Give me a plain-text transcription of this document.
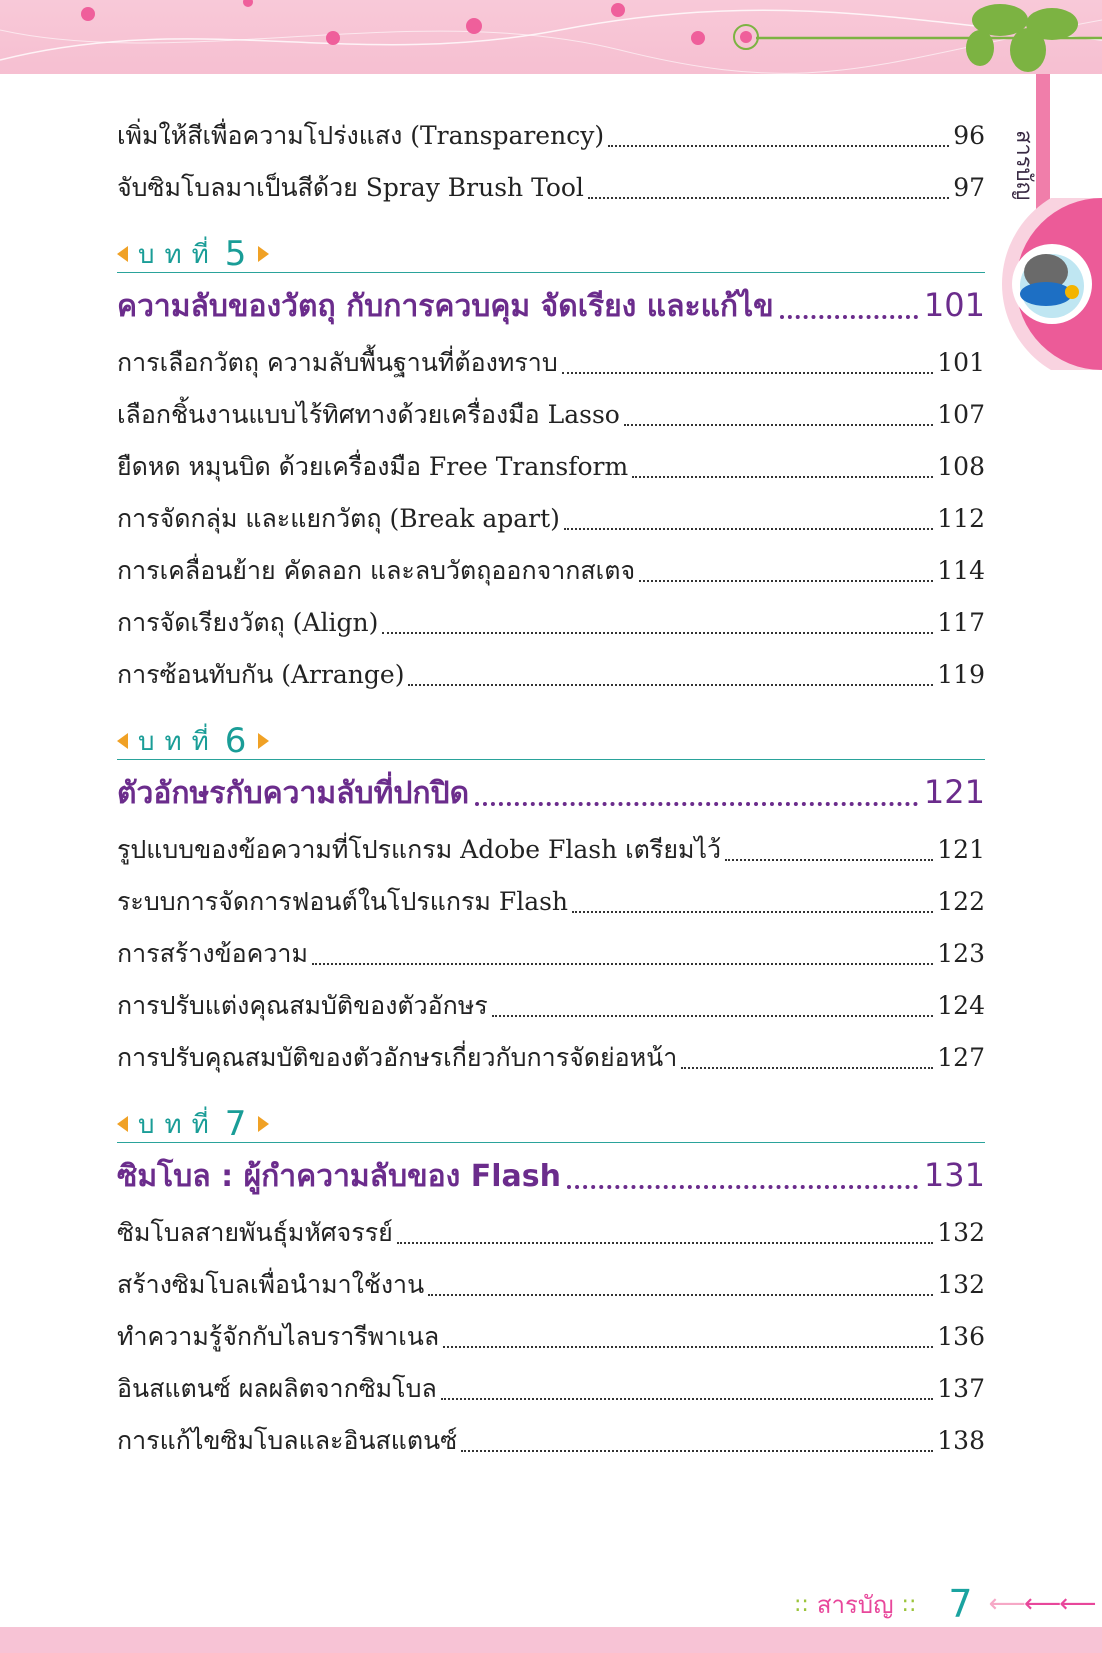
สารบัญ
เพิ่มให้สีเพื่อความโปร่งแสง (Transparency)	96
จับซิมโบลมาเป็นสีด้วย Spray Brush Tool	97
บทที่ 5
ความลับของวัตถุ กับการควบคุม จัดเรียง และแก้ไข	101
การเลือกวัตถุ ความลับพื้นฐานที่ต้องทราบ	101
เลือกชิ้นงานแบบไร้ทิศทางด้วยเครื่องมือ Lasso	107
ยืดหด หมุนบิด ด้วยเครื่องมือ Free Transform	108
การจัดกลุ่ม และแยกวัตถุ (Break apart)	112
การเคลื่อนย้าย คัดลอก และลบวัตถุออกจากสเตจ	114
การจัดเรียงวัตถุ (Align)	117
การซ้อนทับกัน (Arrange)	119
บทที่ 6
ตัวอักษรกับความลับที่ปกปิด	121
รูปแบบของข้อความที่โปรแกรม Adobe Flash เตรียมไว้	121
ระบบการจัดการฟอนต์ในโปรแกรม Flash	122
การสร้างข้อความ	123
การปรับแต่งคุณสมบัติของตัวอักษร	124
การปรับคุณสมบัติของตัวอักษรเกี่ยวกับการจัดย่อหน้า	127
บทที่ 7
ซิมโบล : ผู้กำความลับของ Flash	131
ซิมโบลสายพันธุ์มหัศจรรย์	132
สร้างซิมโบลเพื่อนำมาใช้งาน	132
ทำความรู้จักกับไลบรารีพาเนล	136
อินสแตนซ์ ผลผลิตจากซิมโบล	137
การแก้ไขซิมโบลและอินสแตนซ์	138
:: สารบัญ :: 7 ⟵⟵⟵
